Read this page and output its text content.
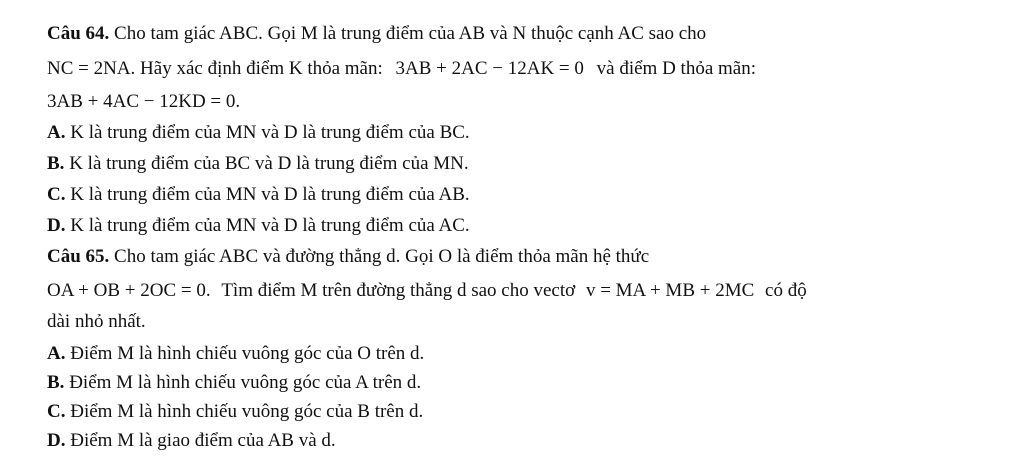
Câu 64. Cho tam giác ABC. Gọi M là trung điểm của AB và N thuộc cạnh AC sao cho
NC = 2NA. Hãy xác định điểm K thỏa mãn: 3AB + 2AC − 12AK = 0 và điểm D thỏa mãn:
3AB + 4AC − 12KD = 0.
A. K là trung điểm của MN và D là trung điểm của BC.
B. K là trung điểm của BC và D là trung điểm của MN.
C. K là trung điểm của MN và D là trung điểm của AB.
D. K là trung điểm của MN và D là trung điểm của AC.
Câu 65. Cho tam giác ABC và đường thẳng d. Gọi O là điểm thỏa mãn hệ thức
OA + OB + 2OC = 0. Tìm điểm M trên đường thẳng d sao cho vectơ v = MA + MB + 2MC có độ
dài nhỏ nhất.
A. Điểm M là hình chiếu vuông góc của O trên d.
B. Điểm M là hình chiếu vuông góc của A trên d.
C. Điểm M là hình chiếu vuông góc của B trên d.
D. Điểm M là giao điểm của AB và d.
